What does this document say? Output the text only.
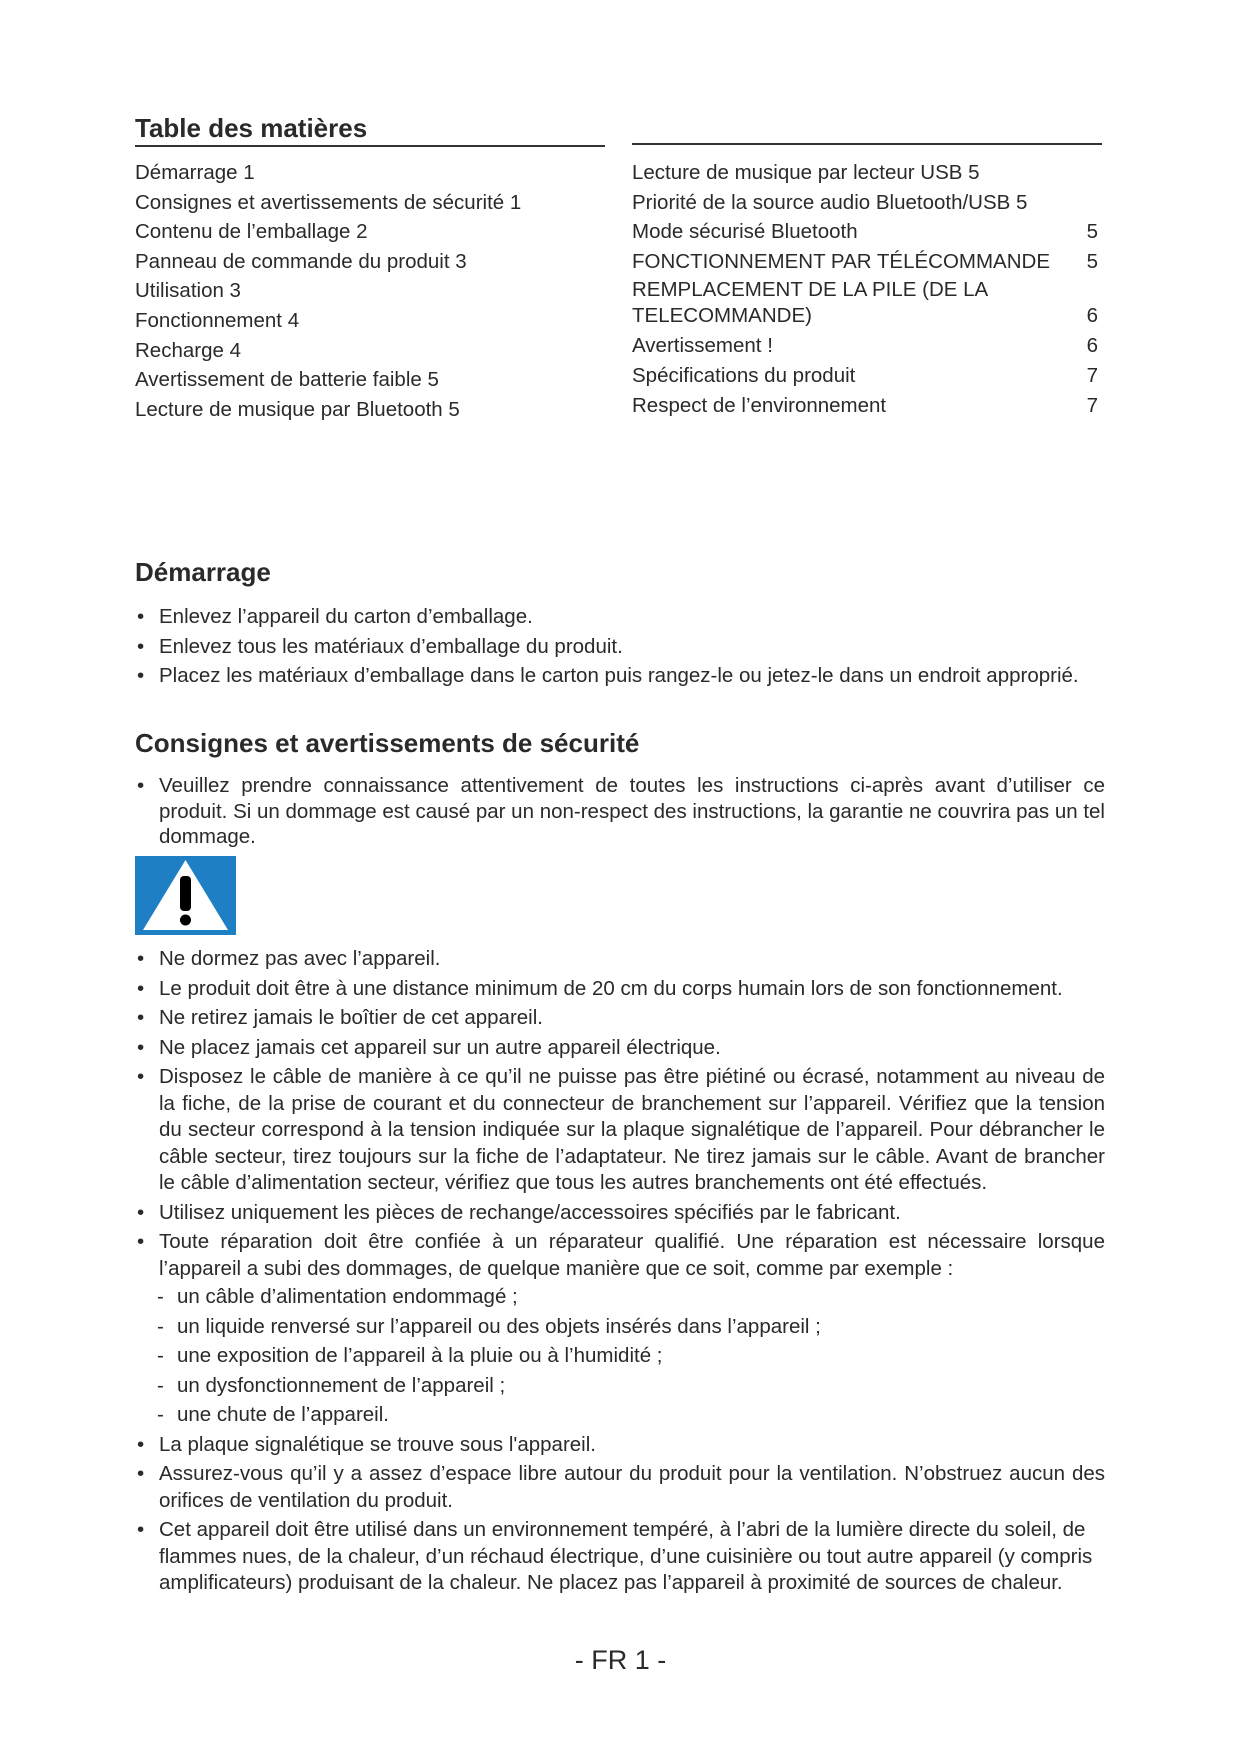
Table des matières
Démarrage 1
Consignes et avertissements de sécurité 1
Contenu de l’emballage 2
Panneau de commande du produit 3
Utilisation 3
Fonctionnement 4
Recharge 4
Avertissement de batterie faible 5
Lecture de musique par Bluetooth 5
Lecture de musique par lecteur USB 5
Priorité de la source audio Bluetooth/USB 5
Mode sécurisé Bluetooth	5
FONCTIONNEMENT PAR TÉLÉCOMMANDE	5
REMPLACEMENT DE LA PILE (DE LA TELECOMMANDE)	6
Avertissement !	6
Spécifications du produit	7
Respect de l’environnement	7
Démarrage
• Enlevez l’appareil du carton d’emballage.
• Enlevez tous les matériaux d’emballage du produit.
• Placez les matériaux d’emballage dans le carton puis rangez-le ou jetez-le dans un endroit approprié.
Consignes et avertissements de sécurité
• Veuillez prendre connaissance attentivement de toutes les instructions ci-après avant d’utiliser ce produit. Si un dommage est causé par un non-respect des instructions, la garantie ne couvrira pas un tel dommage.
• Ne dormez pas avec l’appareil.
• Le produit doit être à une distance minimum de 20 cm du corps humain lors de son fonctionnement.
• Ne retirez jamais le boîtier de cet appareil.
• Ne placez jamais cet appareil sur un autre appareil électrique.
• Disposez le câble de manière à ce qu’il ne puisse pas être piétiné ou écrasé, notamment au niveau de la fiche, de la prise de courant et du connecteur de branchement sur l’appareil. Vérifiez que la tension du secteur correspond à la tension indiquée sur la plaque signalétique de l’appareil. Pour débrancher le câble secteur, tirez toujours sur la fiche de l’adaptateur. Ne tirez jamais sur le câble. Avant de brancher le câble d’alimentation secteur, vérifiez que tous les autres branchements ont été effectués.
• Utilisez uniquement les pièces de rechange/accessoires spécifiés par le fabricant.
• Toute réparation doit être confiée à un réparateur qualifié. Une réparation est nécessaire lorsque l’appareil a subi des dommages, de quelque manière que ce soit, comme par exemple :
- un câble d’alimentation endommagé ;
- un liquide renversé sur l’appareil ou des objets insérés dans l’appareil ;
- une exposition de l’appareil à la pluie ou à l’humidité ;
- un dysfonctionnement de l’appareil ;
- une chute de l’appareil.
• La plaque signalétique se trouve sous l'appareil.
• Assurez-vous qu’il y a assez d’espace libre autour du produit pour la ventilation. N’obstruez aucun des orifices de ventilation du produit.
• Cet appareil doit être utilisé dans un environnement tempéré, à l’abri de la lumière directe du soleil, de flammes nues, de la chaleur, d’un réchaud électrique, d’une cuisinière ou tout autre appareil (y compris amplificateurs) produisant de la chaleur. Ne placez pas l’appareil à proximité de sources de chaleur.
- FR 1 -
